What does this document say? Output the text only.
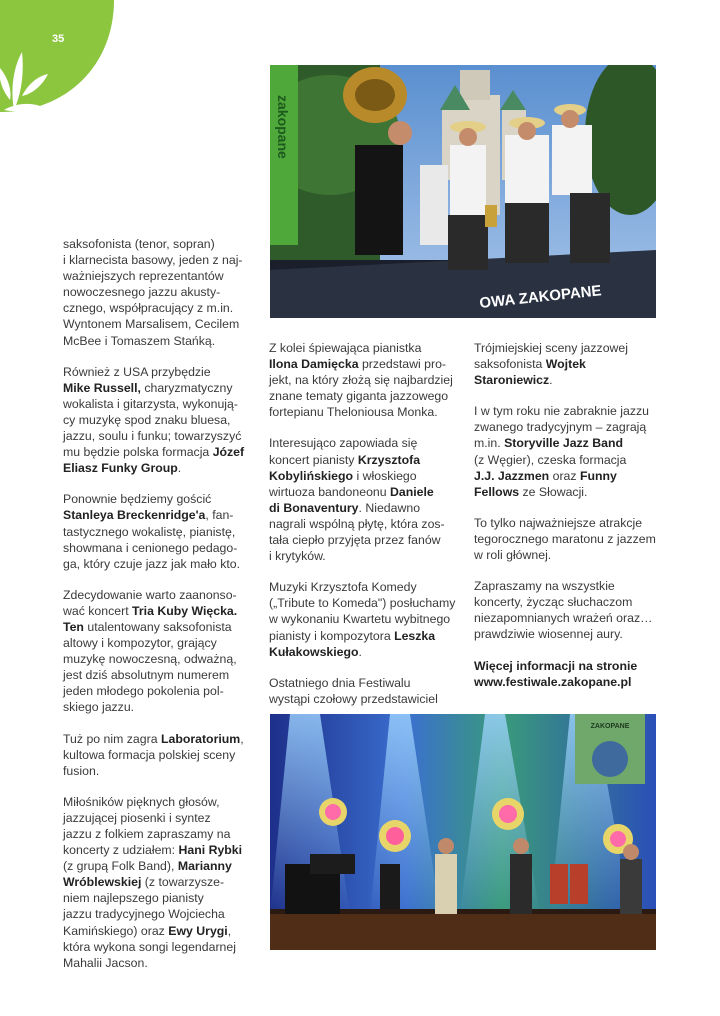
35

saksofonista (tenor, sopran)
i klarnecista basowy, jeden z naj-
ważniejszych reprezentantów
nowoczesnego jazzu akusty-
cznego, współpracujący z m.in.
Wyntonem Marsalisem, Cecilem
McBee i Tomaszem Stańką.

Również z USA przybędzie
Mike Russell, charyzmatyczny
wokalista i gitarzysta, wykonują-
cy muzykę spod znaku bluesa,
jazzu, soulu i funku; towarzyszyć
mu będzie polska formacja Józef
Eliasz Funky Group.

Ponownie będziemy gościć
Stanleya Breckenridge'a, fan-
tastycznego wokalistę, pianistę,
showmana i cenionego pedago-
ga, który czuje jazz jak mało kto.

Zdecydowanie warto zaanonso-
wać koncert Tria Kuby Więcka.
Ten utalentowany saksofonista
altowy i kompozytor, grający
muzykę nowoczesną, odważną,
jest dziś absolutnym numerem
jeden młodego pokolenia pol-
skiego jazzu.

Tuż po nim zagra Laboratorium,
kultowa formacja polskiej sceny
fusion.

Miłośników pięknych głosów,
jazzującej piosenki i syntez
jazzu z folkiem zapraszamy na
koncerty z udziałem: Hani Rybki
(z grupą Folk Band), Marianny
Wróblewskiej (z towarzysze-
niem najlepszego pianisty
jazzu tradycyjnego Wojciecha
Kamińskiego) oraz Ewy Urygi,
która wykona songi legendarnej
Mahalii Jacson.

Z kolei śpiewająca pianistka
Ilona Damięcka przedstawi pro-
jekt, na który złożą się najbardziej
znane tematy giganta jazzowego
fortepianu Theloniousa Monka.

Interesująco zapowiada się
koncert pianisty Krzysztofa
Kobylińskiego i włoskiego
wirtuoza bandoneonu Daniele
di Bonaventury. Niedawno
nagrali wspólną płytę, która zos-
tała ciepło przyjęta przez fanów
i krytyków.

Muzyki Krzysztofa Komedy
(„Tribute to Komeda") posłuchamy
w wykonaniu Kwartetu wybitnego
pianisty i kompozytora Leszka
Kułakowskiego.

Ostatniego dnia Festiwalu
wystąpi czołowy przedstawiciel

Trójmiejskiej sceny jazzowej
saksofonista Wojtek
Staroniewicz.

I w tym roku nie zabraknie jazzu
zwanego tradycyjnym – zagrają
m.in. Storyville Jazz Band
(z Węgier), czeska formacja
J.J. Jazzmen oraz Funny
Fellows ze Słowacji.

To tylko najważniejsze atrakcje
tegorocznego maratonu z jazzem
w roli głównej.

Zapraszamy na wszystkie
koncerty, życząc słuchaczom
niezapomnianych wrażeń oraz…
prawdziwie wiosennej aury.

Więcej informacji na stronie
www.festiwale.zakopane.pl

zakopane
OWA ZAKOPANE
ZAKOPANE
